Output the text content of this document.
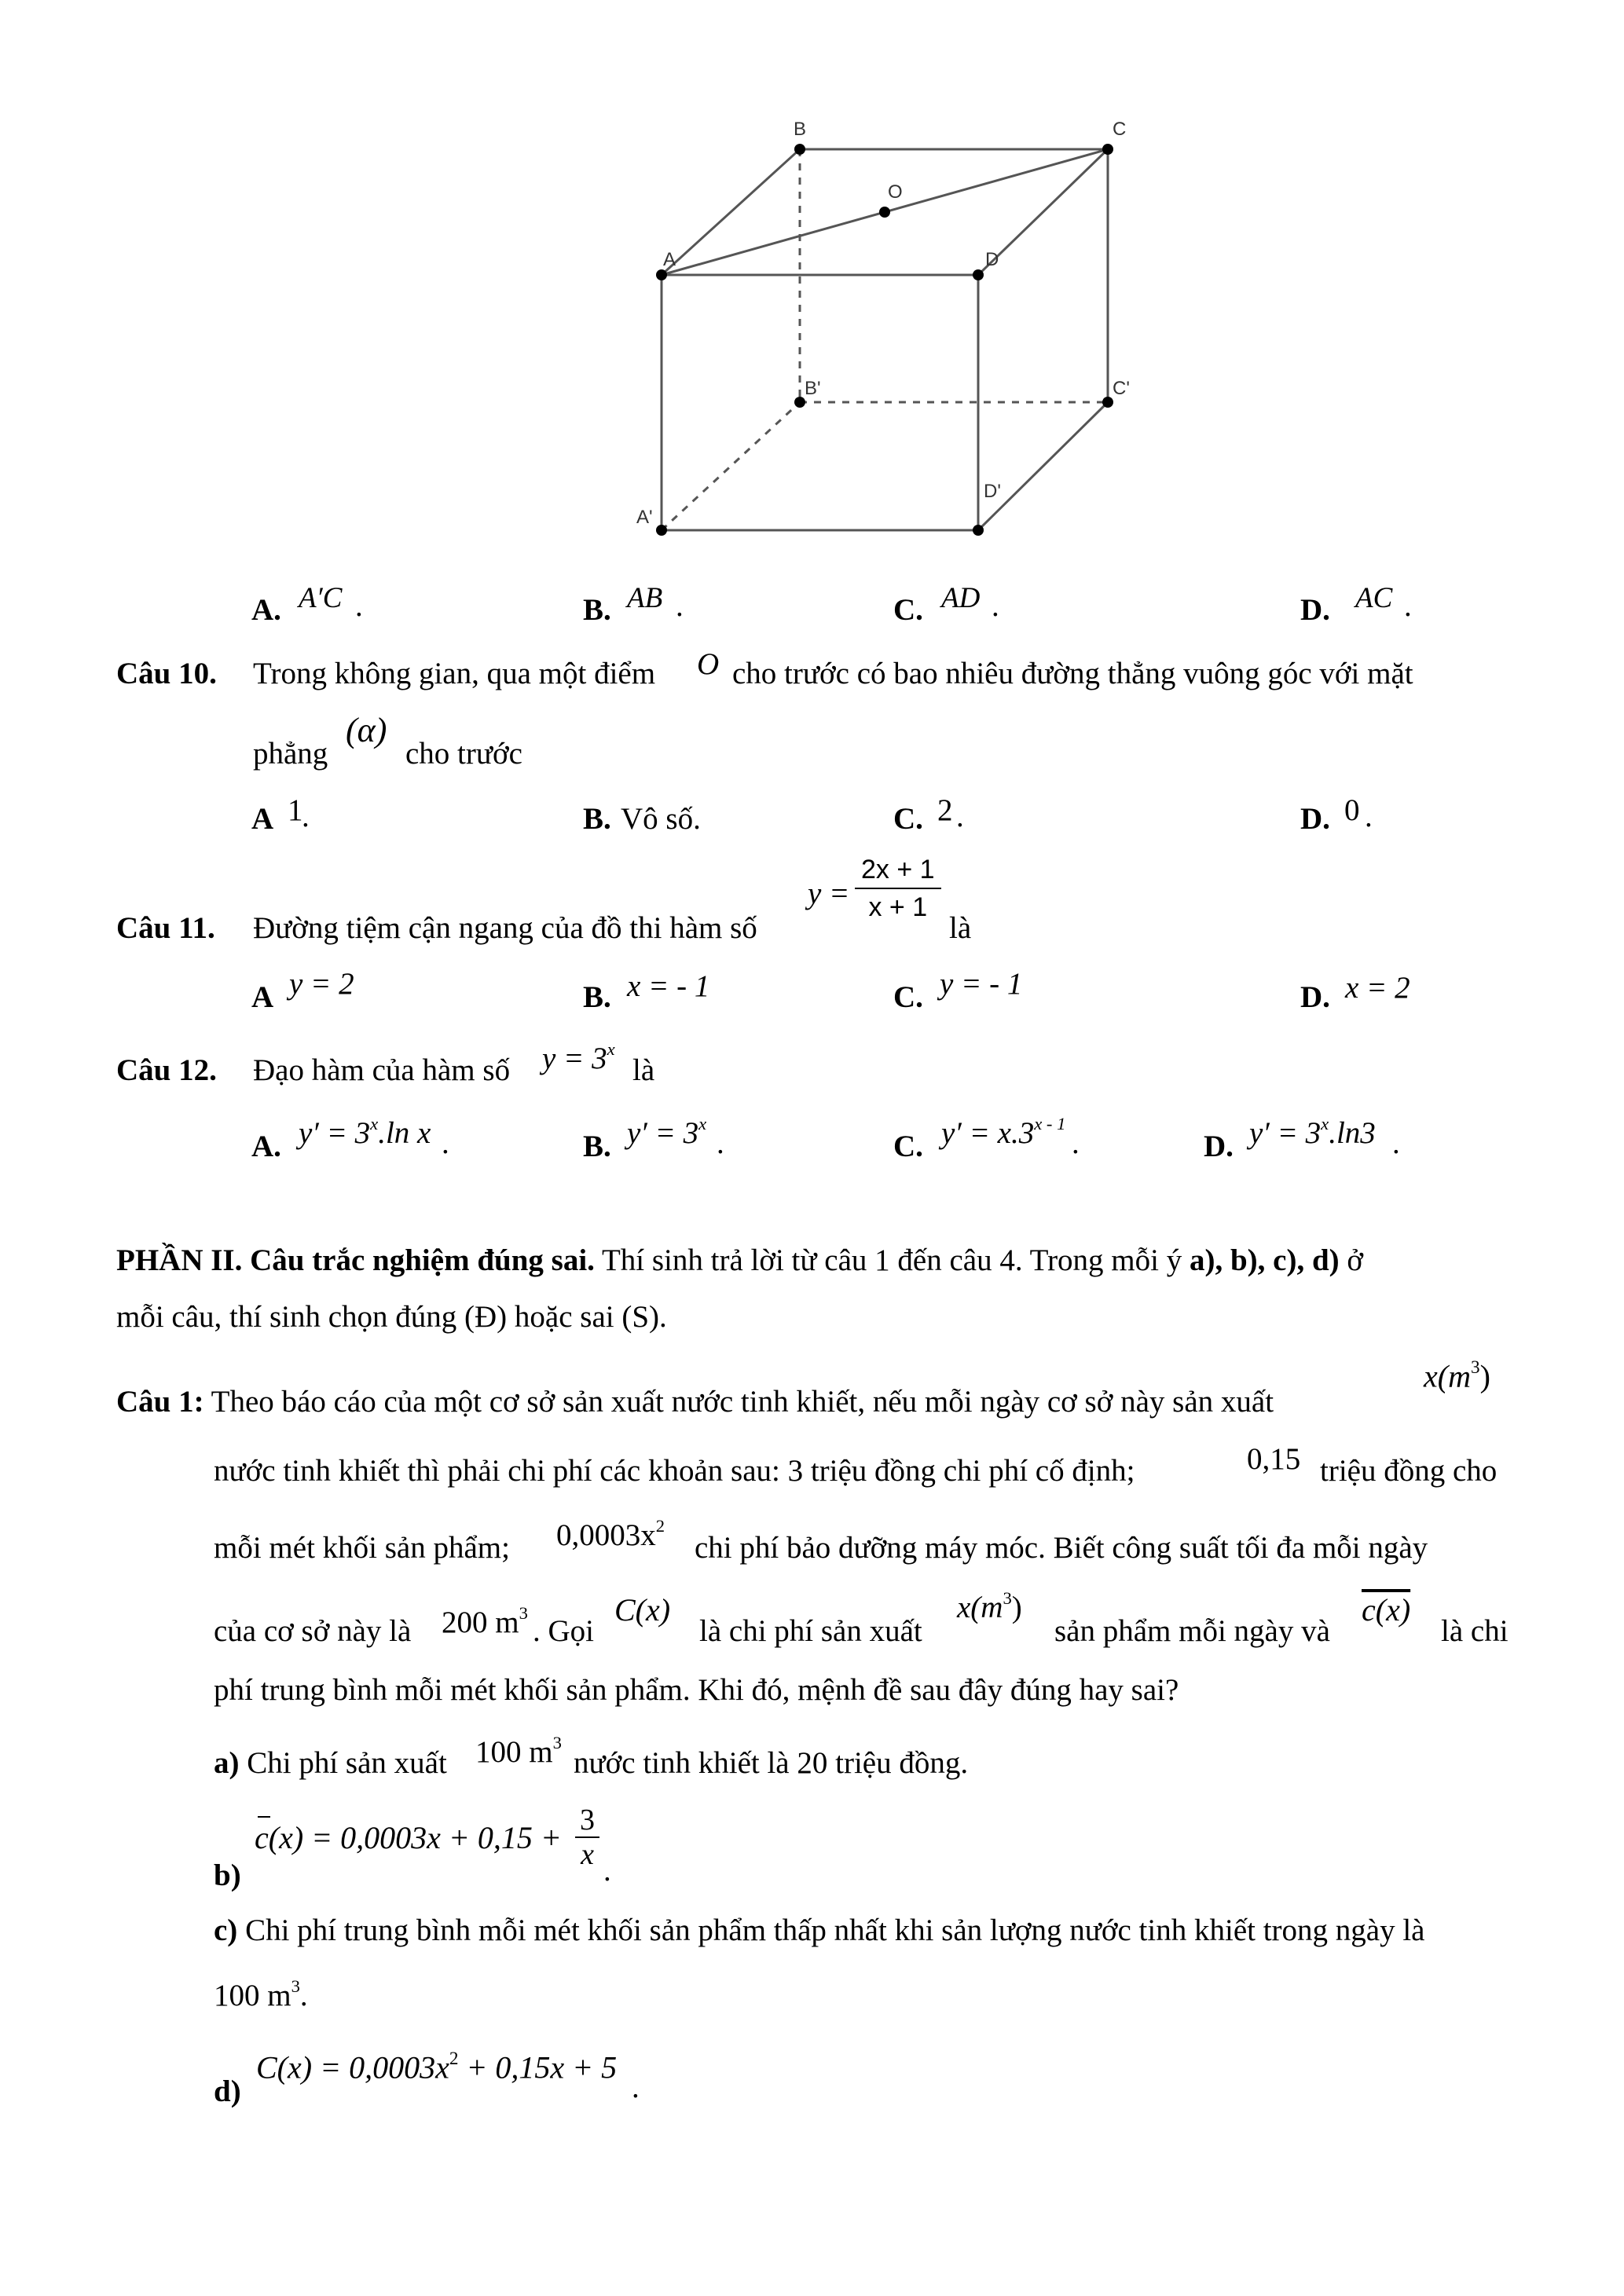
B	C
O
A	D
B'	C'
A'
D'
A. A′C .	B. AB .	C. AD .	D. AC .
Câu 10. Trong không gian, qua một điểm O cho trước có bao nhiêu đường thẳng vuông góc với mặt
phẳng
(α)
cho trước
A 1
.	B. Vô số.	C. 2 .	D. 0 .
Câu 11. Đường tiệm cận ngang của đồ thi hàm số
$y = \frac{2x + 1}{x + 1}$
là
A y = 2	B. x = - 1	C. y = - 1	D. x = 2
Câu 12. Đạo hàm của hàm số $y = 3^x$
là
A. $y' = 3^x.\ln$ x .	B. $y' = 3^x$
.	C. $y' = x.3^{x - 1}$
.	D. $y' = 3^x.\ln 3$ .
PHẦN II. Câu trắc nghiệm đúng sai. Thí sinh trả lời từ câu 1 đến câu 4. Trong mỗi ý a), b), c), d) ở
mỗi câu, thí sinh chọn đúng (Đ) hoặc sai (S).
Câu 1: Theo báo cáo của một cơ sở sản xuất nước tinh khiết, nếu mỗi ngày cơ sở này sản xuất
$x(m^3)$
nước tinh khiết thì phải chi phí các khoản sau: 3 triệu đồng chi phí cố định;	0,15 triệu đồng cho
mỗi mét khối sản phẩm; $0,0003x^2$
chi phí bảo dưỡng máy móc. Biết công suất tối đa mỗi ngày
của cơ sở này là 200 $m^3$
. Gọi
C(x)
là chi phí sản xuất
$x(m^3)$
sản phẩm mỗi ngày và
c(x)
là chi
phí trung bình mỗi mét khối sản phẩm. Khi đó, mệnh đề sau đây đúng hay sai?
a) Chi phí sản xuất 100 $m^3$
nước tinh khiết là 20 triệu đồng.
b)
$c(x) = 0,0003x + 0,15 + \frac{3}{x}$
.
c) Chi phí trung bình mỗi mét khối sản phẩm thấp nhất khi sản lượng nước tinh khiết trong ngày là
100 $m^3$.
d)
$C(x) = 0,0003x^2 + 0,15x + 5$
.
